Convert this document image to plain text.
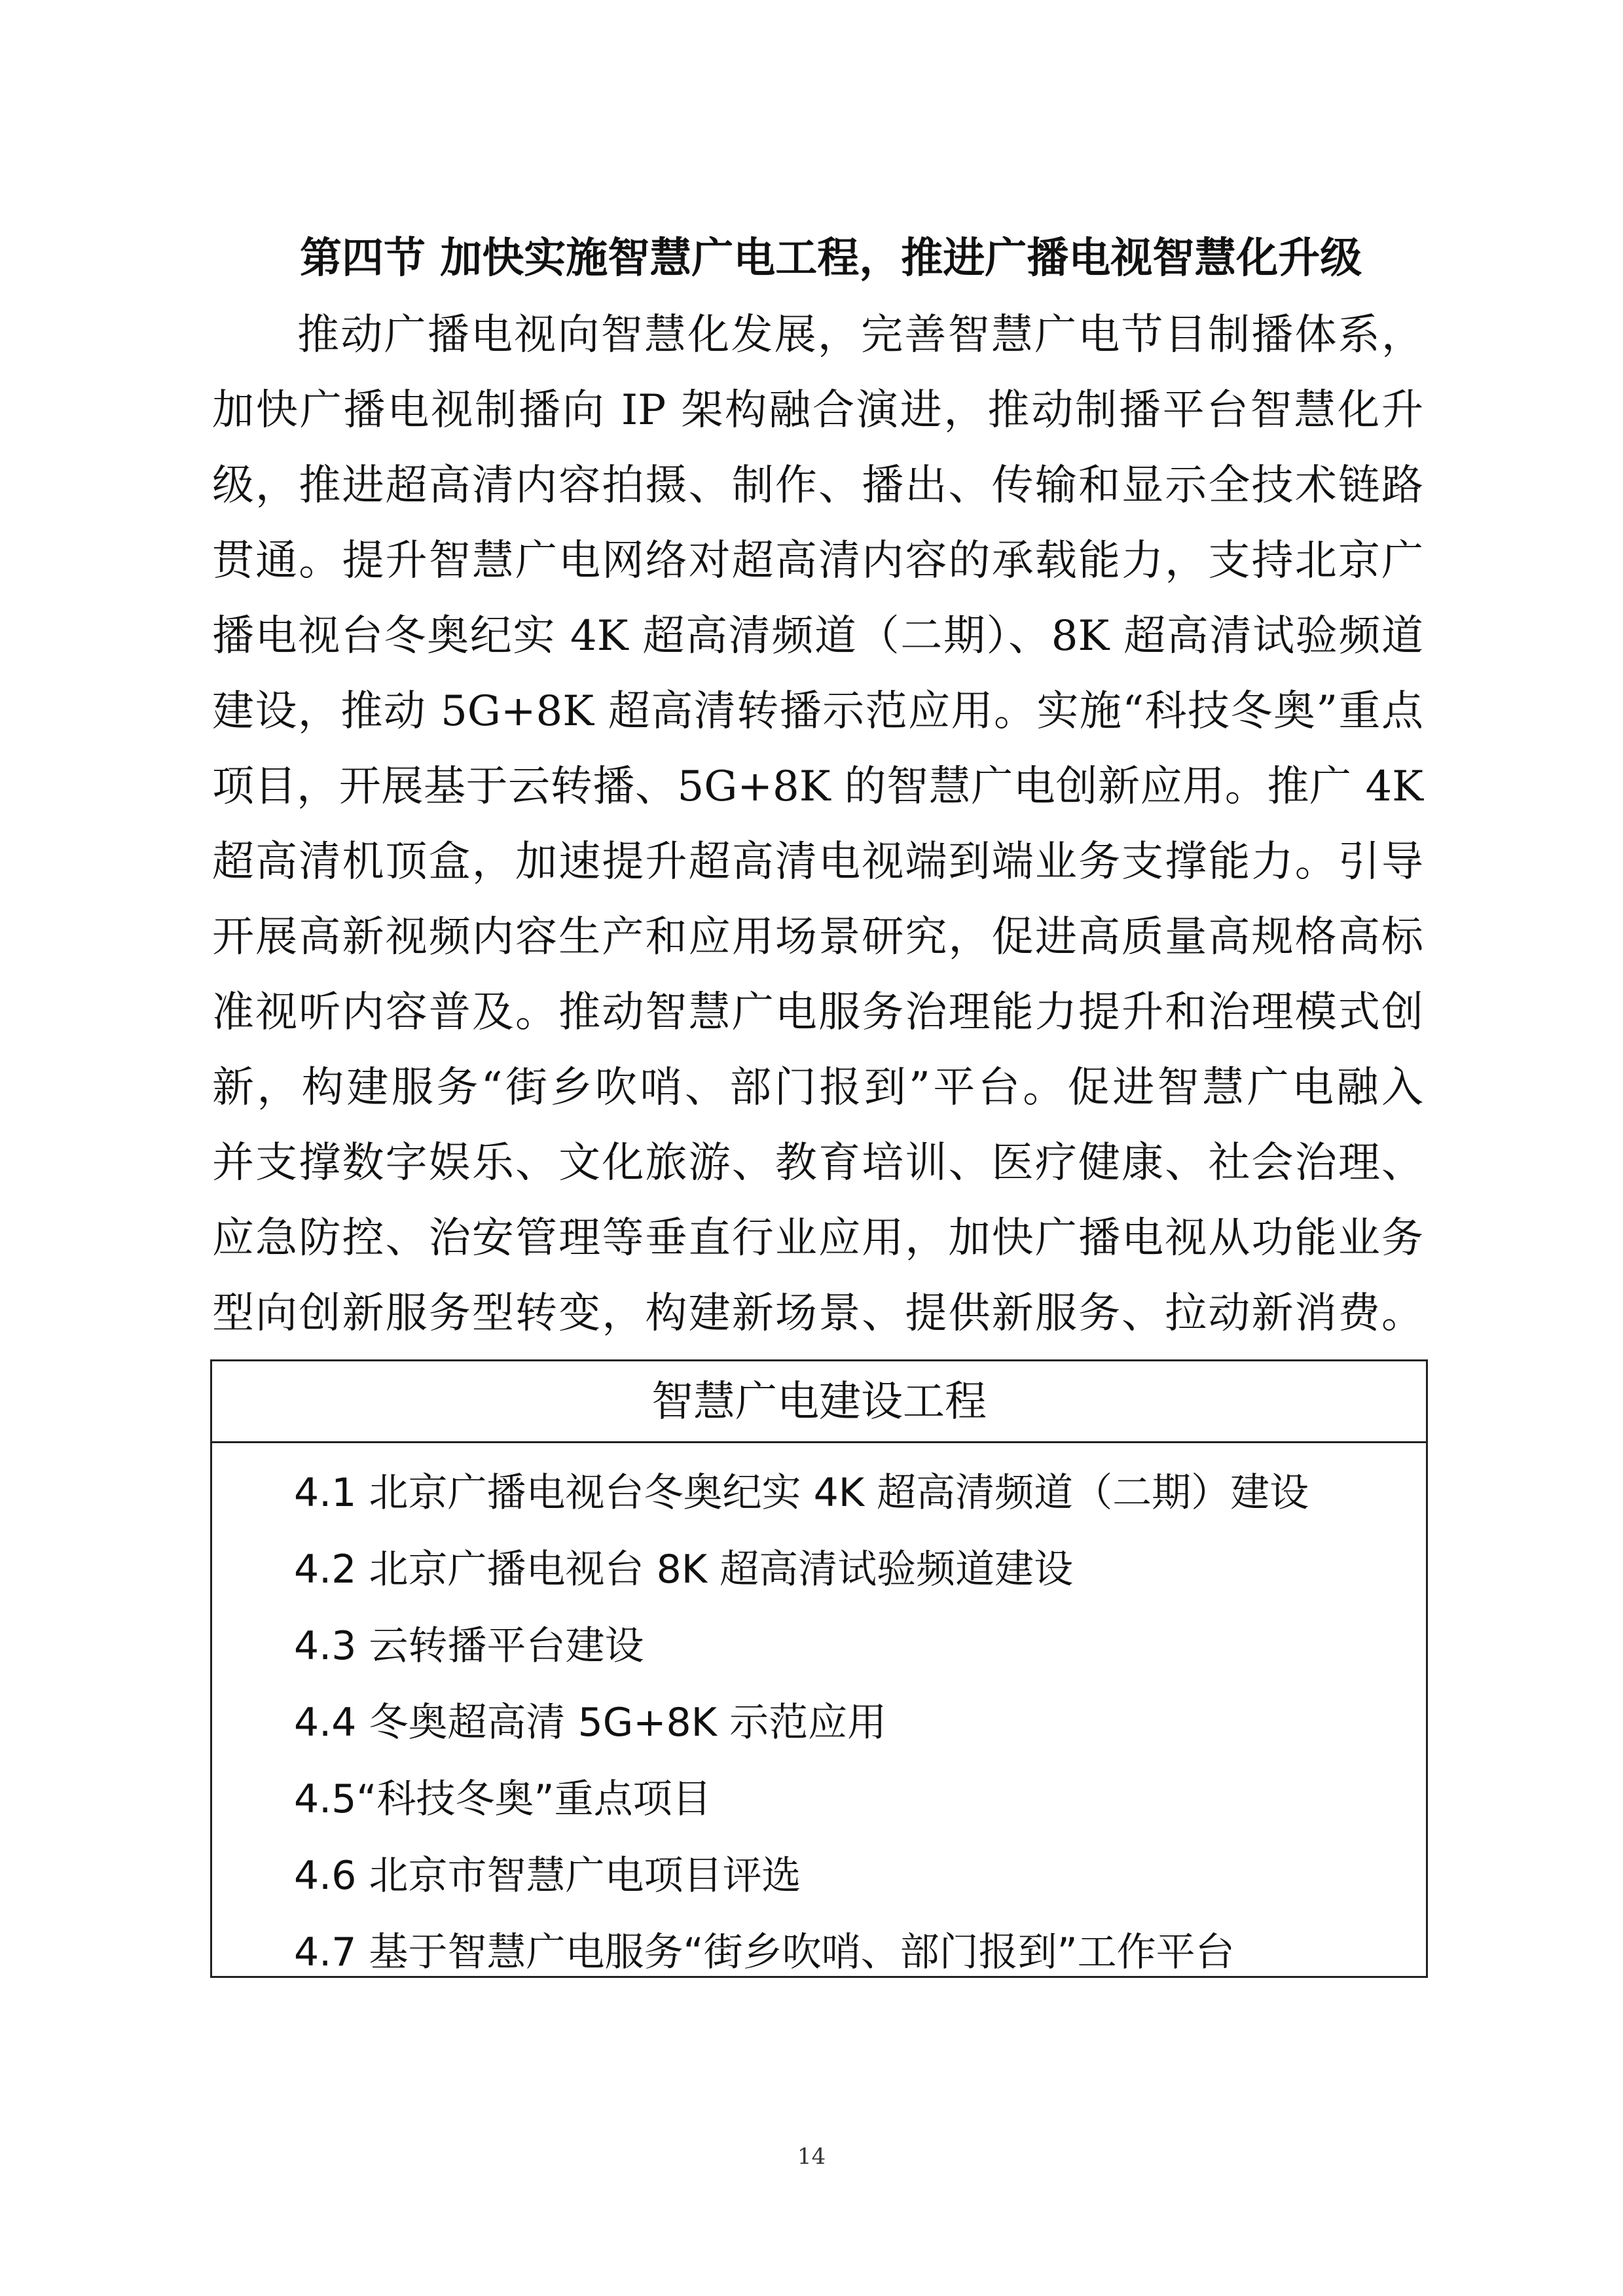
第四节 加快实施智慧广电工程，推进广播电视智慧化升级
推动广播电视向智慧化发展，完善智慧广电节目制播体系，
加快广播电视制播向 IP 架构融合演进，推动制播平台智慧化升
级，推进超高清内容拍摄、制作、播出、传输和显示全技术链路
贯通。提升智慧广电网络对超高清内容的承载能力，支持北京广
播电视台冬奥纪实 4K 超高清频道（二期）、8K 超高清试验频道
建设，推动 5G+8K 超高清转播示范应用。实施“科技冬奥”重点
项目，开展基于云转播、5G+8K 的智慧广电创新应用。推广 4K
超高清机顶盒，加速提升超高清电视端到端业务支撑能力。引导
开展高新视频内容生产和应用场景研究，促进高质量高规格高标
准视听内容普及。推动智慧广电服务治理能力提升和治理模式创
新，构建服务“街乡吹哨、部门报到”平台。促进智慧广电融入
并支撑数字娱乐、文化旅游、教育培训、医疗健康、社会治理、
应急防控、治安管理等垂直行业应用，加快广播电视从功能业务
型向创新服务型转变，构建新场景、提供新服务、拉动新消费。
智慧广电建设工程
4.1 北京广播电视台冬奥纪实 4K 超高清频道（二期）建设
4.2 北京广播电视台 8K 超高清试验频道建设
4.3 云转播平台建设
4.4 冬奥超高清 5G+8K 示范应用
4.5“科技冬奥”重点项目
4.6 北京市智慧广电项目评选
4.7 基于智慧广电服务“街乡吹哨、部门报到”工作平台
14
